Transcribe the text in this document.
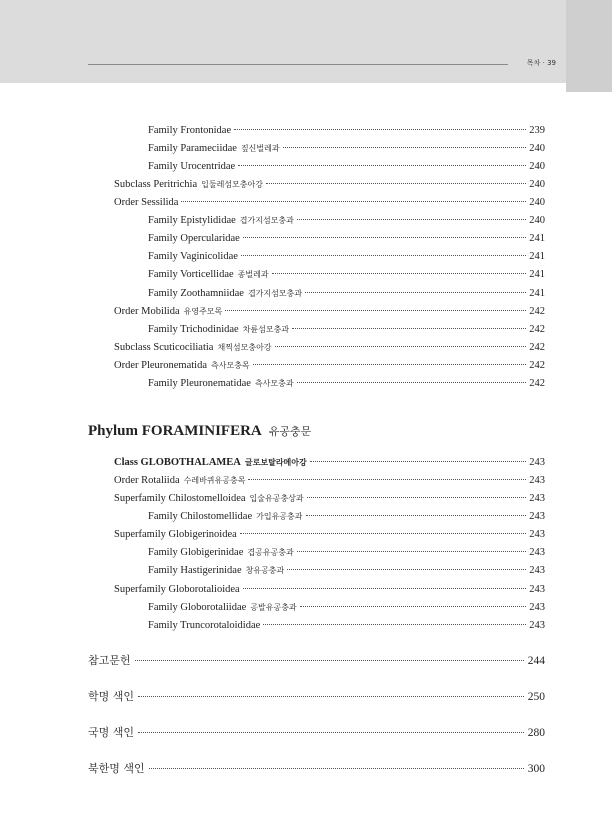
목차 · 39
Family Frontonidae	239
Family Parameciidae 짚신벌레과	240
Family Urocentridae	240
Subclass Peritrichia 입둘레섬모충아강	240
Order Sessilida	240
Family Epistylididae 겹가지섬모충과	240
Family Opercularidae	241
Family Vaginicolidae	241
Family Vorticellidae 종벌레과	241
Family Zoothamniidae 겹가지섬모충과	241
Order Mobilida 유영주모목	242
Family Trichodinidae 차륜섬모충과	242
Subclass Scuticociliatia 채찍섬모충아강	242
Order Pleuronematida 측사모충목	242
Family Pleuronematidae 측사모충과	242
Phylum FORAMINIFERA 유공충문
Class GLOBOTHALAMEA 글로보탈라메아강	243
Order Rotaliida 수레바퀴유공충목	243
Superfamily Chilostomelloidea 입술유공충상과	243
Family Chilostomellidae 가입유공충과	243
Superfamily Globigerinoidea	243
Family Globigerinidae 겹공유공충과	243
Family Hastigerinidae 창유공충과	243
Superfamily Globorotalioidea	243
Family Globorotaliidae 공발유공충과	243
Family Truncorotaloididae	243
참고문헌	244
학명 색인	250
국명 색인	280
북한명 색인	300
